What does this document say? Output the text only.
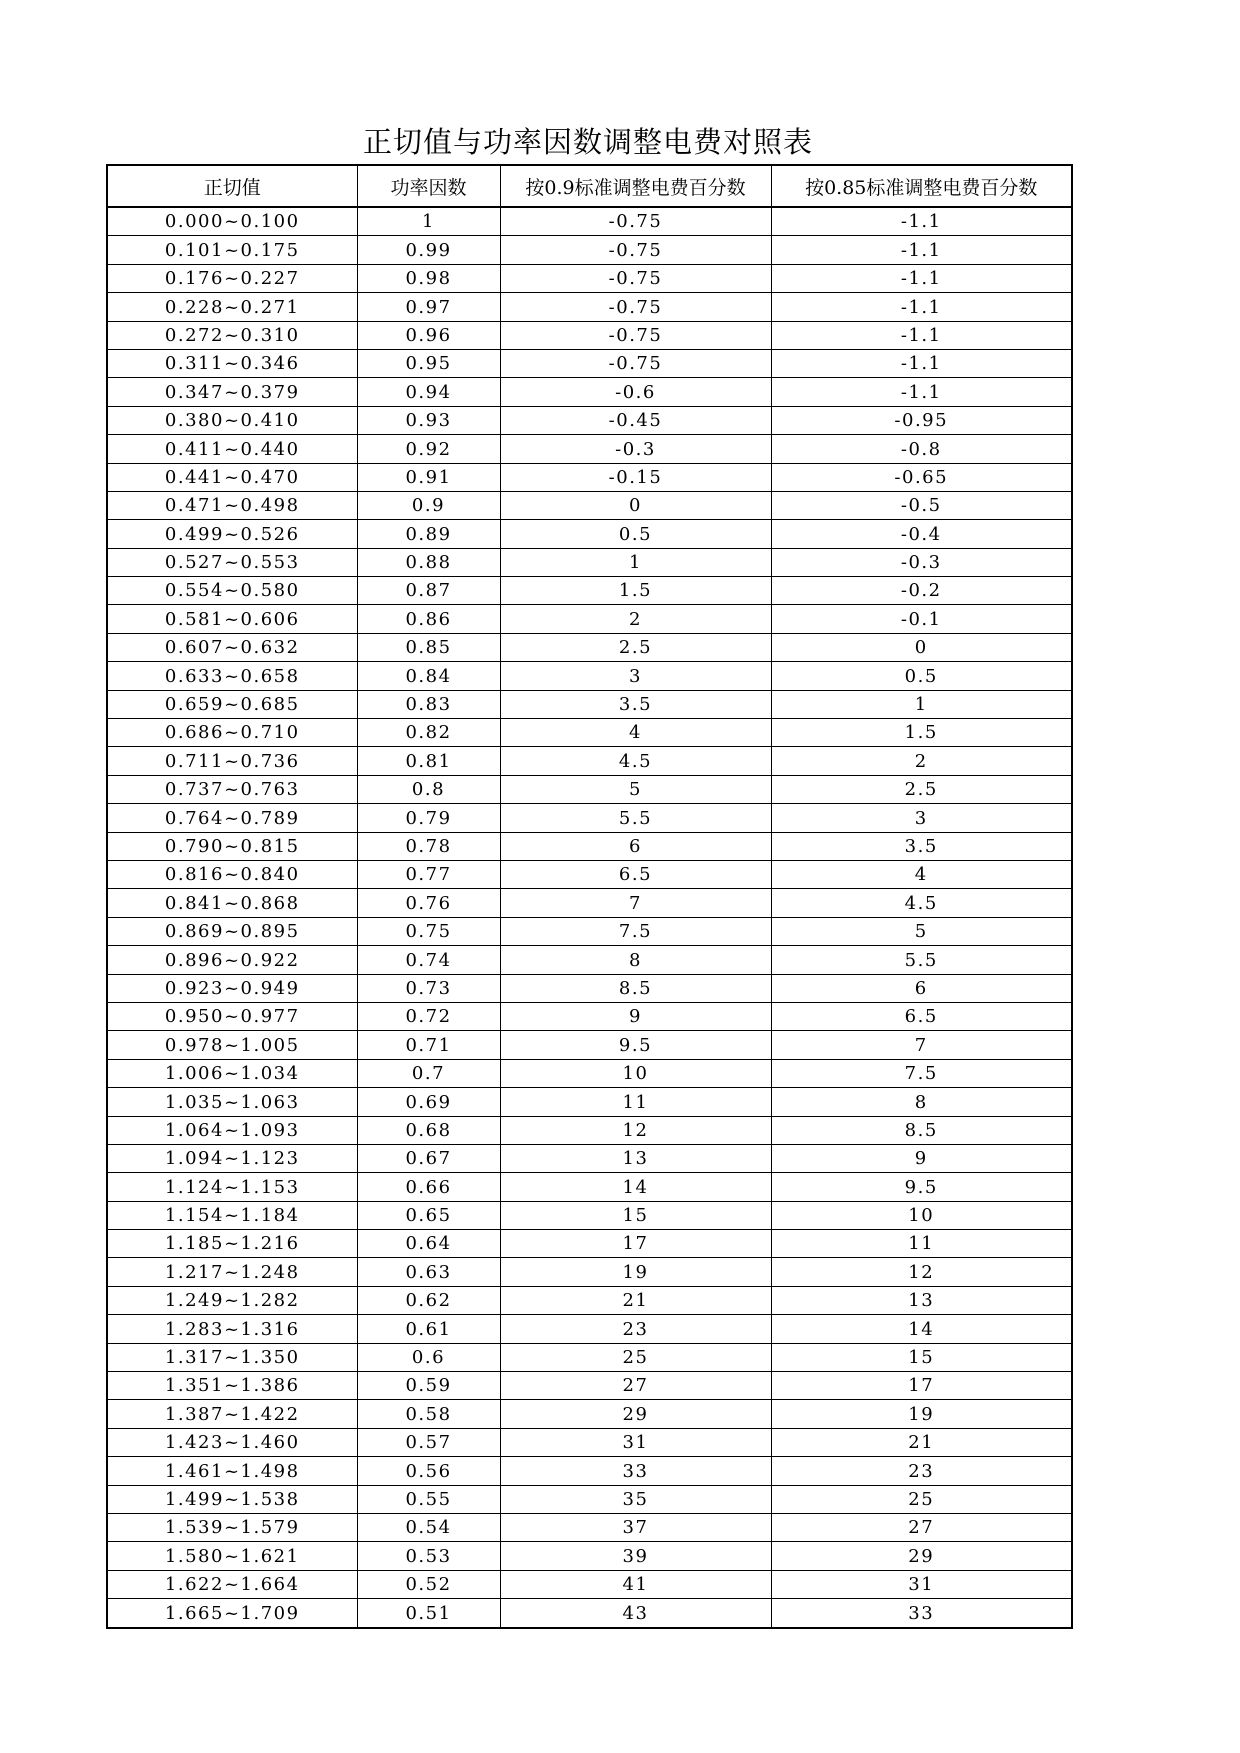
正切值与功率因数调整电费对照表
正切值	功率因数	按0.9标准调整电费百分数	按0.85标准调整电费百分数
0.000~0.100	1	-0.75	-1.1
0.101~0.175	0.99	-0.75	-1.1
0.176~0.227	0.98	-0.75	-1.1
0.228~0.271	0.97	-0.75	-1.1
0.272~0.310	0.96	-0.75	-1.1
0.311~0.346	0.95	-0.75	-1.1
0.347~0.379	0.94	-0.6	-1.1
0.380~0.410	0.93	-0.45	-0.95
0.411~0.440	0.92	-0.3	-0.8
0.441~0.470	0.91	-0.15	-0.65
0.471~0.498	0.9	0	-0.5
0.499~0.526	0.89	0.5	-0.4
0.527~0.553	0.88	1	-0.3
0.554~0.580	0.87	1.5	-0.2
0.581~0.606	0.86	2	-0.1
0.607~0.632	0.85	2.5	0
0.633~0.658	0.84	3	0.5
0.659~0.685	0.83	3.5	1
0.686~0.710	0.82	4	1.5
0.711~0.736	0.81	4.5	2
0.737~0.763	0.8	5	2.5
0.764~0.789	0.79	5.5	3
0.790~0.815	0.78	6	3.5
0.816~0.840	0.77	6.5	4
0.841~0.868	0.76	7	4.5
0.869~0.895	0.75	7.5	5
0.896~0.922	0.74	8	5.5
0.923~0.949	0.73	8.5	6
0.950~0.977	0.72	9	6.5
0.978~1.005	0.71	9.5	7
1.006~1.034	0.7	10	7.5
1.035~1.063	0.69	11	8
1.064~1.093	0.68	12	8.5
1.094~1.123	0.67	13	9
1.124~1.153	0.66	14	9.5
1.154~1.184	0.65	15	10
1.185~1.216	0.64	17	11
1.217~1.248	0.63	19	12
1.249~1.282	0.62	21	13
1.283~1.316	0.61	23	14
1.317~1.350	0.6	25	15
1.351~1.386	0.59	27	17
1.387~1.422	0.58	29	19
1.423~1.460	0.57	31	21
1.461~1.498	0.56	33	23
1.499~1.538	0.55	35	25
1.539~1.579	0.54	37	27
1.580~1.621	0.53	39	29
1.622~1.664	0.52	41	31
1.665~1.709	0.51	43	33
